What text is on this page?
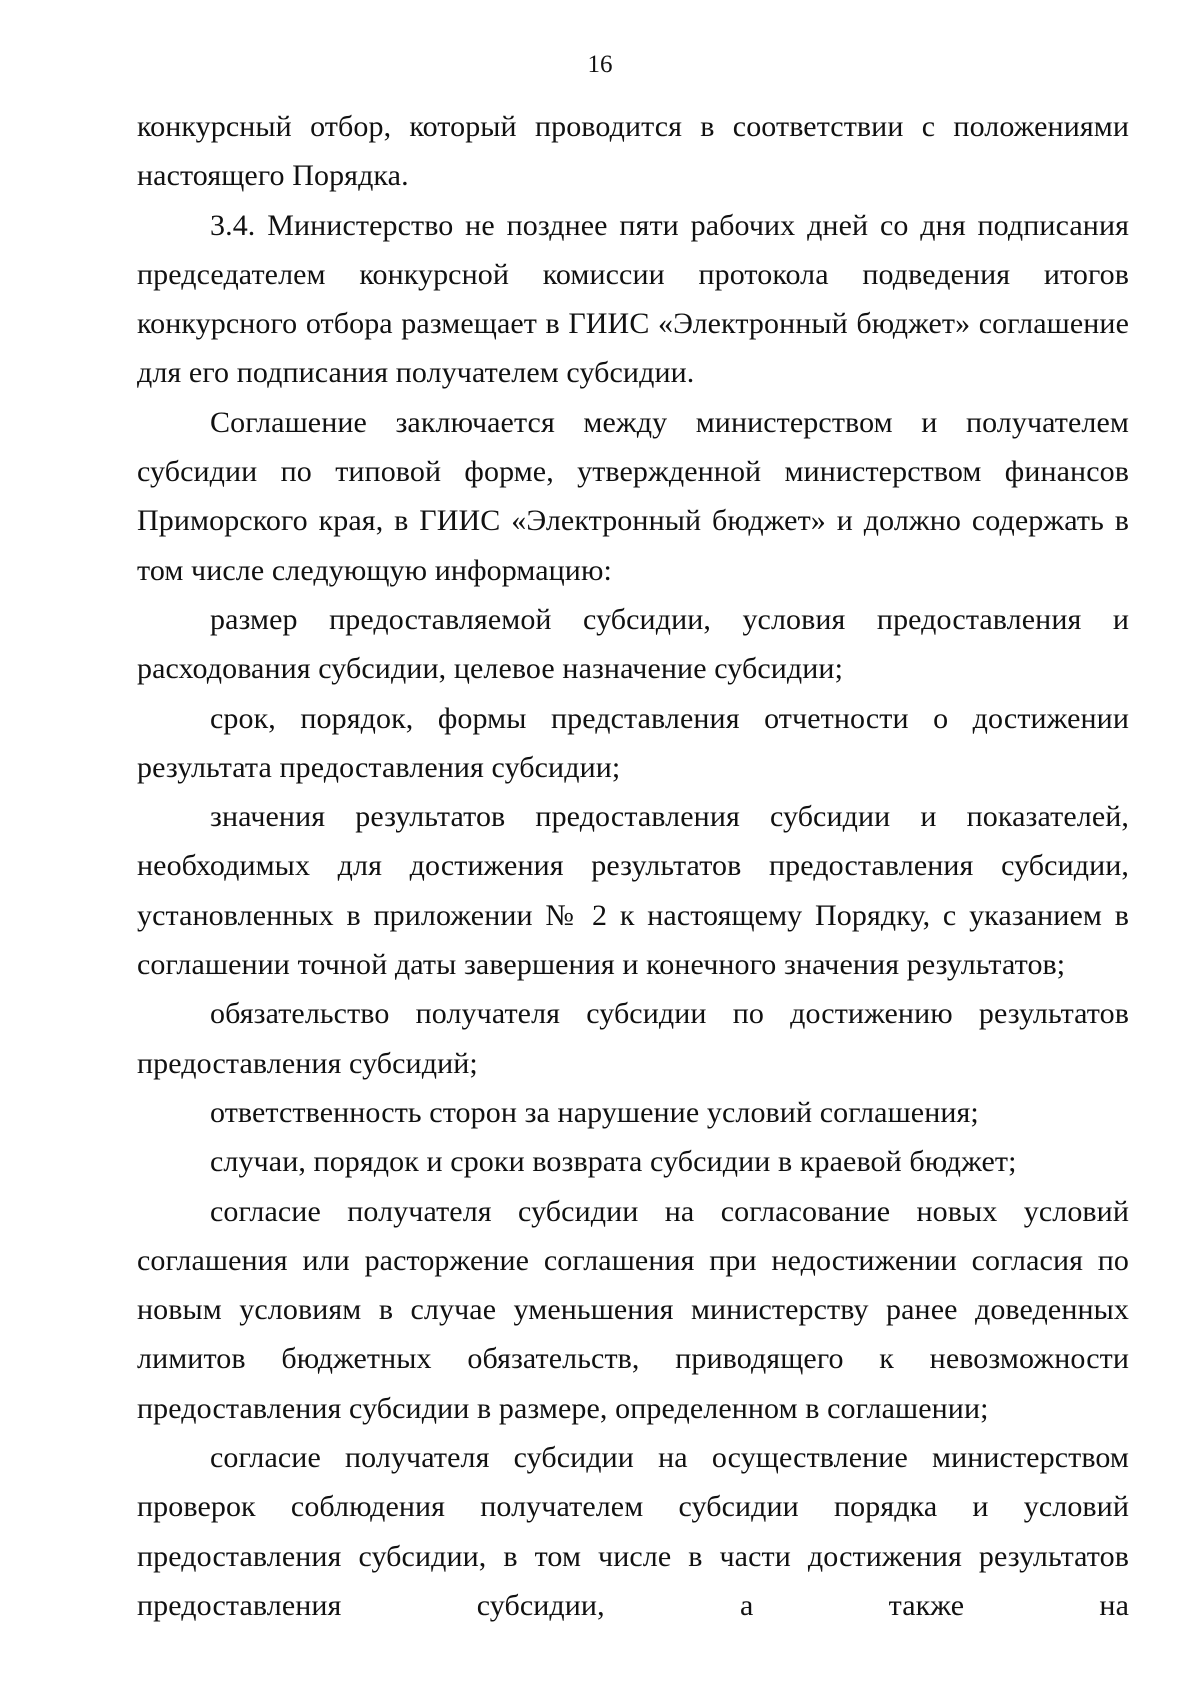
16

конкурсный отбор, который проводится в соответствии с положениями настоящего Порядка.

3.4. Министерство не позднее пяти рабочих дней со дня подписания председателем конкурсной комиссии протокола подведения итогов конкурсного отбора размещает в ГИИС «Электронный бюджет» соглашение для его подписания получателем субсидии.

Соглашение заключается между министерством и получателем субсидии по типовой форме, утвержденной министерством финансов Приморского края, в ГИИС «Электронный бюджет» и должно содержать в том числе следующую информацию:

размер предоставляемой субсидии, условия предоставления и расходования субсидии, целевое назначение субсидии;

срок, порядок, формы представления отчетности о достижении результата предоставления субсидии;

значения результатов предоставления субсидии и показателей, необходимых для достижения результатов предоставления субсидии, установленных в приложении № 2 к настоящему Порядку, с указанием в соглашении точной даты завершения и конечного значения результатов;

обязательство получателя субсидии по достижению результатов предоставления субсидий;

ответственность сторон за нарушение условий соглашения;

случаи, порядок и сроки возврата субсидии в краевой бюджет;

согласие получателя субсидии на согласование новых условий соглашения или расторжение соглашения при недостижении согласия по новым условиям в случае уменьшения министерству ранее доведенных лимитов бюджетных обязательств, приводящего к невозможности предоставления субсидии в размере, определенном в соглашении;

согласие получателя субсидии на осуществление министерством проверок соблюдения получателем субсидии порядка и условий предоставления субсидии, в том числе в части достижения результатов предоставления субсидии, а также на
